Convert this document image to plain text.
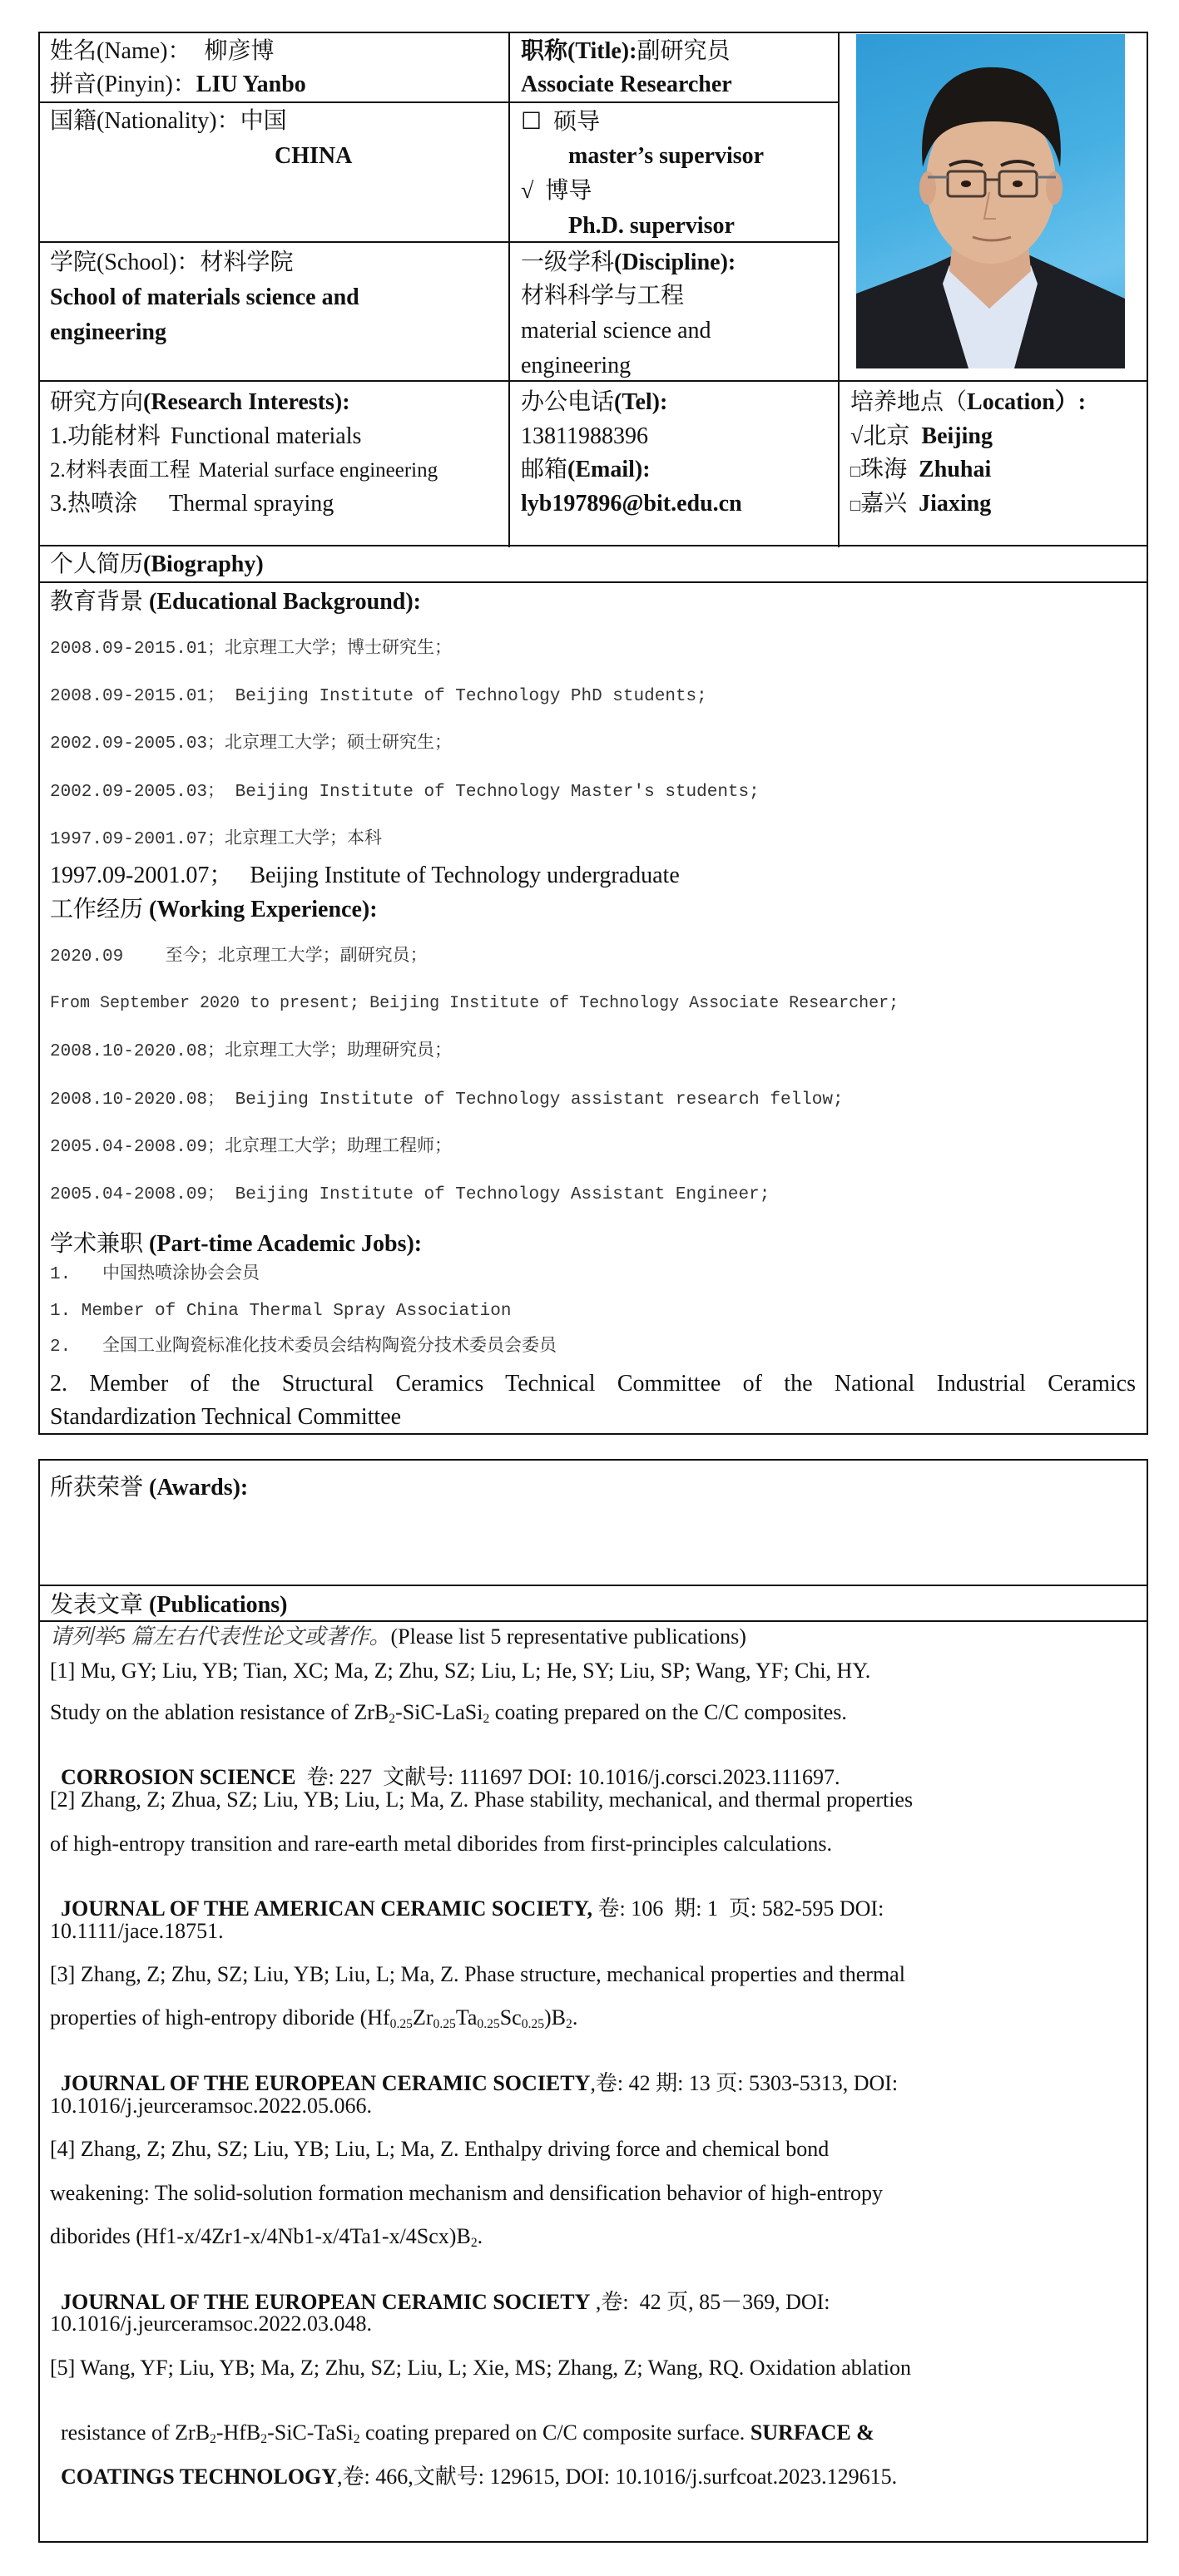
姓名(Name)： 柳彦博
拼音(Pinyin)：LIU Yanbo
职称(Title):副研究员
Associate Researcher
国籍(Nationality)：中国
CHINA
☐ 硕导
master’s supervisor
√ 博导
Ph.D. supervisor
学院(School)：材料学院
School of materials science and
engineering
一级学科(Discipline):
材料科学与工程
material science and
engineering
研究方向(Research Interests):
1.功能材料 Functional materials
2.材料表面工程 Material surface engineering
3.热喷涂 Thermal spraying
办公电话(Tel):
13811988396
邮箱(Email):
lyb197896@bit.edu.cn
培养地点（Location）:
√北京 Beijing
□珠海 Zhuhai
□嘉兴 Jiaxing
个人简历(Biography)
教育背景 (Educational Background):
2008.09-2015.01；北京理工大学；博士研究生；
2008.09-2015.01； Beijing Institute of Technology PhD students;
2002.09-2005.03；北京理工大学；硕士研究生；
2002.09-2005.03； Beijing Institute of Technology Master's students;
1997.09-2001.07；北京理工大学；本科
1997.09-2001.07；   Beijing Institute of Technology undergraduate
工作经历 (Working Experience):
2020.09    至今；北京理工大学；副研究员；
From September 2020 to present; Beijing Institute of Technology Associate Researcher;
2008.10-2020.08；北京理工大学；助理研究员；
2008.10-2020.08； Beijing Institute of Technology assistant research fellow;
2005.04-2008.09；北京理工大学；助理工程师；
2005.04-2008.09； Beijing Institute of Technology Assistant Engineer;
学术兼职 (Part-time Academic Jobs):
1.   中国热喷涂协会会员
1. Member of China Thermal Spray Association
2.   全国工业陶瓷标准化技术委员会结构陶瓷分技术委员会委员
2. Member of the Structural Ceramics Technical Committee of the National Industrial Ceramics
Standardization Technical Committee
所获荣誉 (Awards):
发表文章 (Publications)
请列举5 篇左右代表性论文或著作。(Please list 5 representative publications)
[1] Mu, GY; Liu, YB; Tian, XC; Ma, Z; Zhu, SZ; Liu, L; He, SY; Liu, SP; Wang, YF; Chi, HY.
Study on the ablation resistance of ZrB$_2$-SiC-LaSi$_2$ coating prepared on the C/C composites.

CORROSION SCIENCE  卷: 227  文献号: 111697 DOI: 10.1016/j.corsci.2023.111697.

[2] Zhang, Z; Zhua, SZ; Liu, YB; Liu, L; Ma, Z. Phase stability, mechanical, and thermal properties
of high-entropy transition and rare-earth metal diborides from first-principles calculations.

JOURNAL OF THE AMERICAN CERAMIC SOCIETY, 卷: 106  期: 1  页: 582-595 DOI:

10.1111/jace.18751.
[3] Zhang, Z; Zhu, SZ; Liu, YB; Liu, L; Ma, Z. Phase structure, mechanical properties and thermal
properties of high-entropy diboride $(Hf_{0.25}Zr_{0.25}Ta_{0.25}Sc_{0.25})B_2$.

JOURNAL OF THE EUROPEAN CERAMIC SOCIETY,卷: 42 期: 13 页: 5303-5313, DOI:

10.1016/j.jeurceramsoc.2022.05.066.
[4] Zhang, Z; Zhu, SZ; Liu, YB; Liu, L; Ma, Z. Enthalpy driving force and chemical bond
weakening: The solid-solution formation mechanism and densification behavior of high-entropy
diborides $(Hf1-x/4Zr1-x/4Nb1-x/4Ta1-x/4Scx)B_2$.

JOURNAL OF THE EUROPEAN CERAMIC SOCIETY ,卷:  42 页, 85－369, DOI:

10.1016/j.jeurceramsoc.2022.03.048.
[5] Wang, YF; Liu, YB; Ma, Z; Zhu, SZ; Liu, L; Xie, MS; Zhang, Z; Wang, RQ. Oxidation ablation

resistance of ZrB$_2$-HfB$_2$-SiC-TaSi$_2$ coating prepared on C/C composite surface. SURFACE &

COATINGS TECHNOLOGY,卷: 466,文献号: 129615, DOI: 10.1016/j.surfcoat.2023.129615.
